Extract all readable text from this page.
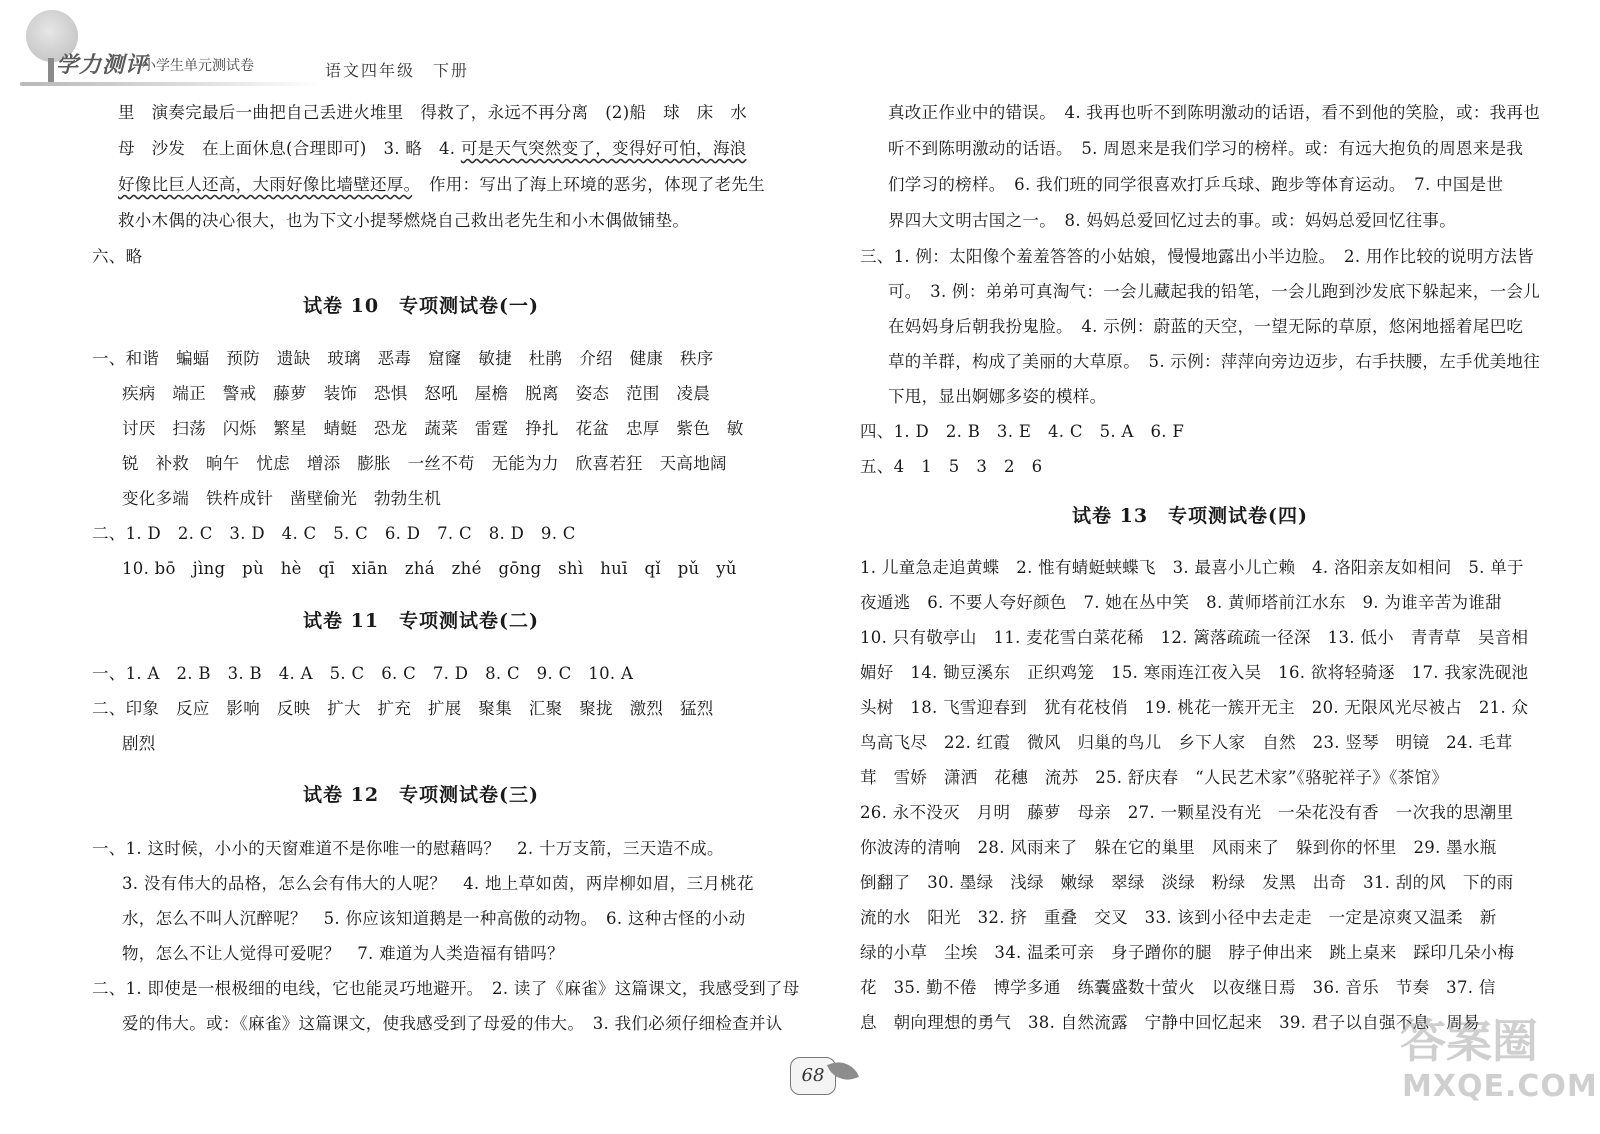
学力测评
小学生单元测试卷	语文四年级　下册
里　演奏完最后一曲把自己丢进火堆里　得救了，永远不再分离　(2)船　球　床　水
母　沙发　在上面休息(合理即可)　3. 略　4. 可是天气突然变了，变得好可怕，海浪
好像比巨人还高，大雨好像比墙壁还厚。　作用：写出了海上环境的恶劣，体现了老先生
救小木偶的决心很大，也为下文小提琴燃烧自己救出老先生和小木偶做铺垫。
六、略
试卷 10　专项测试卷(一)
一、和谐　蝙蝠　预防　遗缺　玻璃　恶毒　窟窿　敏捷　杜鹃　介绍　健康　秩序
疾病　端正　警戒　藤萝　装饰　恐惧　怒吼　屋檐　脱离　姿态　范围　凌晨
讨厌　扫荡　闪烁　繁星　蜻蜓　恐龙　蔬菜　雷霆　挣扎　花盆　忠厚　紫色　敏
锐　补救　晌午　忧虑　增添　膨胀　一丝不苟　无能为力　欣喜若狂　天高地阔
变化多端　铁杵成针　凿壁偷光　勃勃生机
二、1. D　2. C　3. D　4. C　5. C　6. D　7. C　8. D　9. C
10. bō　jìng　pù　hè　qī　xiān　zhá　zhé　gōng　shì　huī　qǐ　pǔ　yǔ
试卷 11　专项测试卷(二)
一、1. A　2. B　3. B　4. A　5. C　6. C　7. D　8. C　9. C　10. A
二、印象　反应　影响　反映　扩大　扩充　扩展　聚集　汇聚　聚拢　激烈　猛烈
剧烈
试卷 12　专项测试卷(三)
一、1. 这时候，小小的天窗难道不是你唯一的慰藉吗？　2. 十万支箭，三天造不成。
3. 没有伟大的品格，怎么会有伟大的人呢？　4. 地上草如茵，两岸柳如眉，三月桃花
水，怎么不叫人沉醉呢？　5. 你应该知道鹅是一种高傲的动物。　6. 这种古怪的小动
物，怎么不让人觉得可爱呢？　7. 难道为人类造福有错吗？
二、1. 即使是一根极细的电线，它也能灵巧地避开。　2. 读了《麻雀》这篇课文，我感受到了母
爱的伟大。或：《麻雀》这篇课文，使我感受到了母爱的伟大。　3. 我们必须仔细检查并认
真改正作业中的错误。　4. 我再也听不到陈明激动的话语，看不到他的笑脸，或：我再也
听不到陈明激动的话语。　5. 周恩来是我们学习的榜样。或：有远大抱负的周恩来是我
们学习的榜样。　6. 我们班的同学很喜欢打乒乓球、跑步等体育运动。　7. 中国是世
界四大文明古国之一。　8. 妈妈总爱回忆过去的事。或：妈妈总爱回忆往事。
三、1. 例：太阳像个羞羞答答的小姑娘，慢慢地露出小半边脸。　2. 用作比较的说明方法皆
可。　3. 例：弟弟可真淘气：一会儿藏起我的铅笔，一会儿跑到沙发底下躲起来，一会儿
在妈妈身后朝我扮鬼脸。　4. 示例：蔚蓝的天空，一望无际的草原，悠闲地摇着尾巴吃
草的羊群，构成了美丽的大草原。　5. 示例：萍萍向旁边迈步，右手扶腰，左手优美地往
下甩，显出婀娜多姿的模样。
四、1. D　2. B　3. E　4. C　5. A　6. F
五、4　1　5　3　2　6
试卷 13　专项测试卷(四)
1. 儿童急走追黄蝶　2. 惟有蜻蜓蛱蝶飞　3. 最喜小儿亡赖　4. 洛阳亲友如相问　5. 单于
夜遁逃　6. 不要人夸好颜色　7. 她在丛中笑　8. 黄师塔前江水东　9. 为谁辛苦为谁甜
10. 只有敬亭山　11. 麦花雪白菜花稀　12. 篱落疏疏一径深　13. 低小　青青草　吴音相
媚好　14. 锄豆溪东　正织鸡笼　15. 寒雨连江夜入吴　16. 欲将轻骑逐　17. 我家洗砚池
头树　18. 飞雪迎春到　犹有花枝俏　19. 桃花一簇开无主　20. 无限风光尽被占　21. 众
鸟高飞尽　22. 红霞　微风　归巢的鸟儿　乡下人家　自然　23. 竖琴　明镜　24. 毛茸
茸　雪娇　潇洒　花穗　流苏　25. 舒庆春　“人民艺术家”《骆驼祥子》《茶馆》
26. 永不没灭　月明　藤萝　母亲　27. 一颗星没有光　一朵花没有香　一次我的思潮里
你波涛的清响　28. 风雨来了　躲在它的巢里　风雨来了　躲到你的怀里　29. 墨水瓶
倒翻了　30. 墨绿　浅绿　嫩绿　翠绿　淡绿　粉绿　发黑　出奇　31. 刮的风　下的雨
流的水　阳光　32. 挤　重叠　交叉　33. 该到小径中去走走　一定是凉爽又温柔　新
绿的小草　尘埃　34. 温柔可亲　身子蹭你的腿　脖子伸出来　跳上桌来　踩印几朵小梅
花　35. 勤不倦　博学多通　练囊盛数十萤火　以夜继日焉　36. 音乐　节奏　37. 信
息　朝向理想的勇气　38. 自然流露　宁静中回忆起来　39. 君子以自强不息　周易
68
答案圈
MXQE.COM
